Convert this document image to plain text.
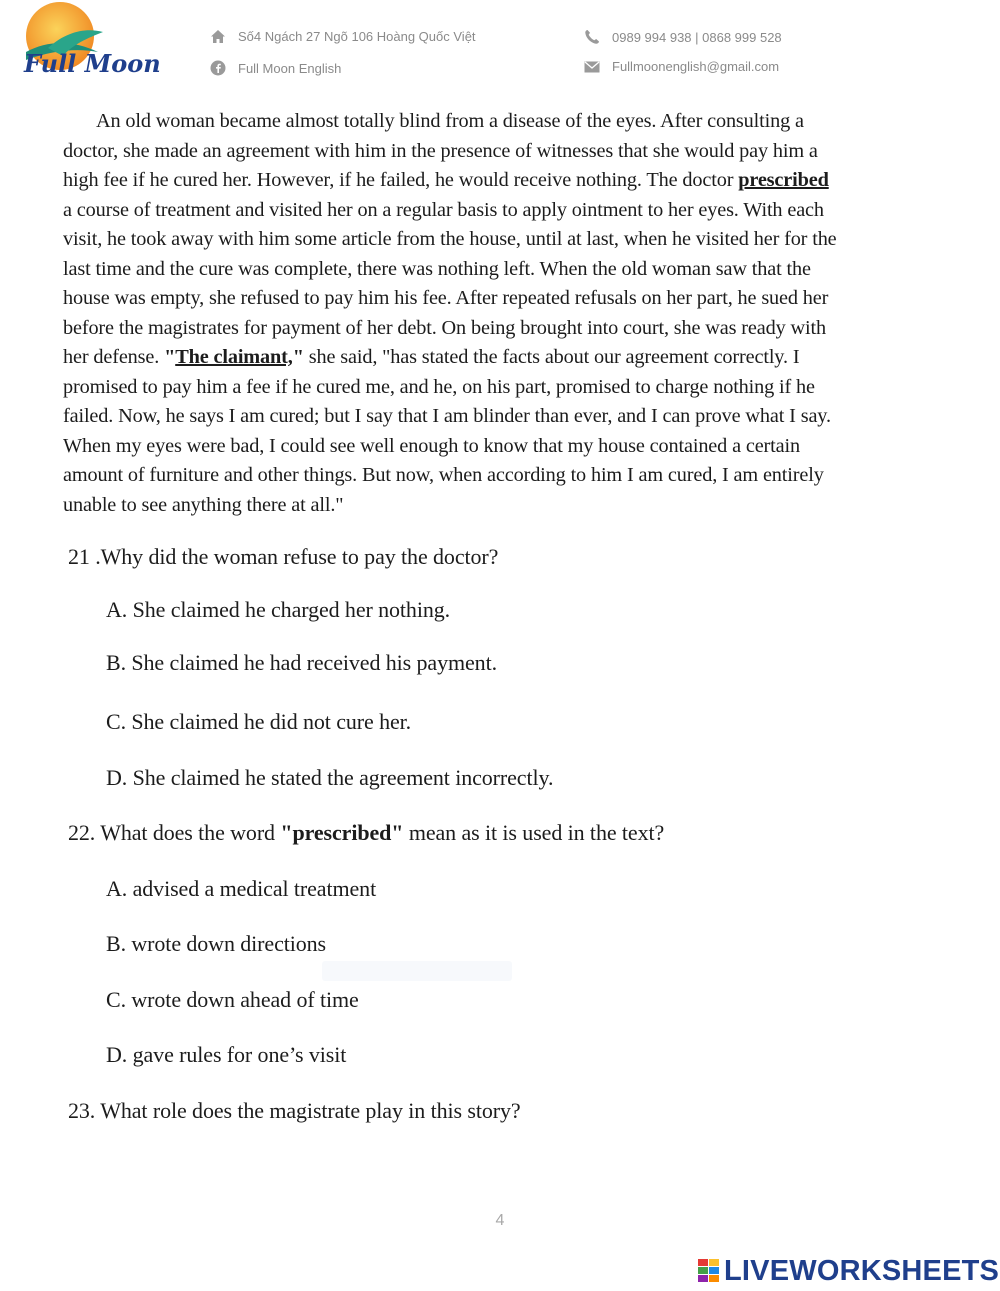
Full Moon
Số4 Ngách 27 Ngõ 106 Hoàng Quốc Việt
Full Moon English
0989 994 938 | 0868 999 528
Fullmoonenglish@gmail.com
An old woman became almost totally blind from a disease of the eyes. After consulting a
doctor, she made an agreement with him in the presence of witnesses that she would pay him a
high fee if he cured her. However, if he failed, he would receive nothing. The doctor prescribed
a course of treatment and visited her on a regular basis to apply ointment to her eyes. With each
visit, he took away with him some article from the house, until at last, when he visited her for the
last time and the cure was complete, there was nothing left. When the old woman saw that the
house was empty, she refused to pay him his fee. After repeated refusals on her part, he sued her
before the magistrates for payment of her debt. On being brought into court, she was ready with
her defense. "The claimant," she said, "has stated the facts about our agreement correctly. I
promised to pay him a fee if he cured me, and he, on his part, promised to charge nothing if he
failed. Now, he says I am cured; but I say that I am blinder than ever, and I can prove what I say.
When my eyes were bad, I could see well enough to know that my house contained a certain
amount of furniture and other things. But now, when according to him I am cured, I am entirely
unable to see anything there at all."
21 .Why did the woman refuse to pay the doctor?
A. She claimed he charged her nothing.
B. She claimed he had received his payment.
C. She claimed he did not cure her.
D. She claimed he stated the agreement incorrectly.
22. What does the word "prescribed" mean as it is used in the text?
A. advised a medical treatment
B. wrote down directions
C. wrote down ahead of time
D. gave rules for one’s visit
23. What role does the magistrate play in this story?
4
LIVEWORKSHEETS
